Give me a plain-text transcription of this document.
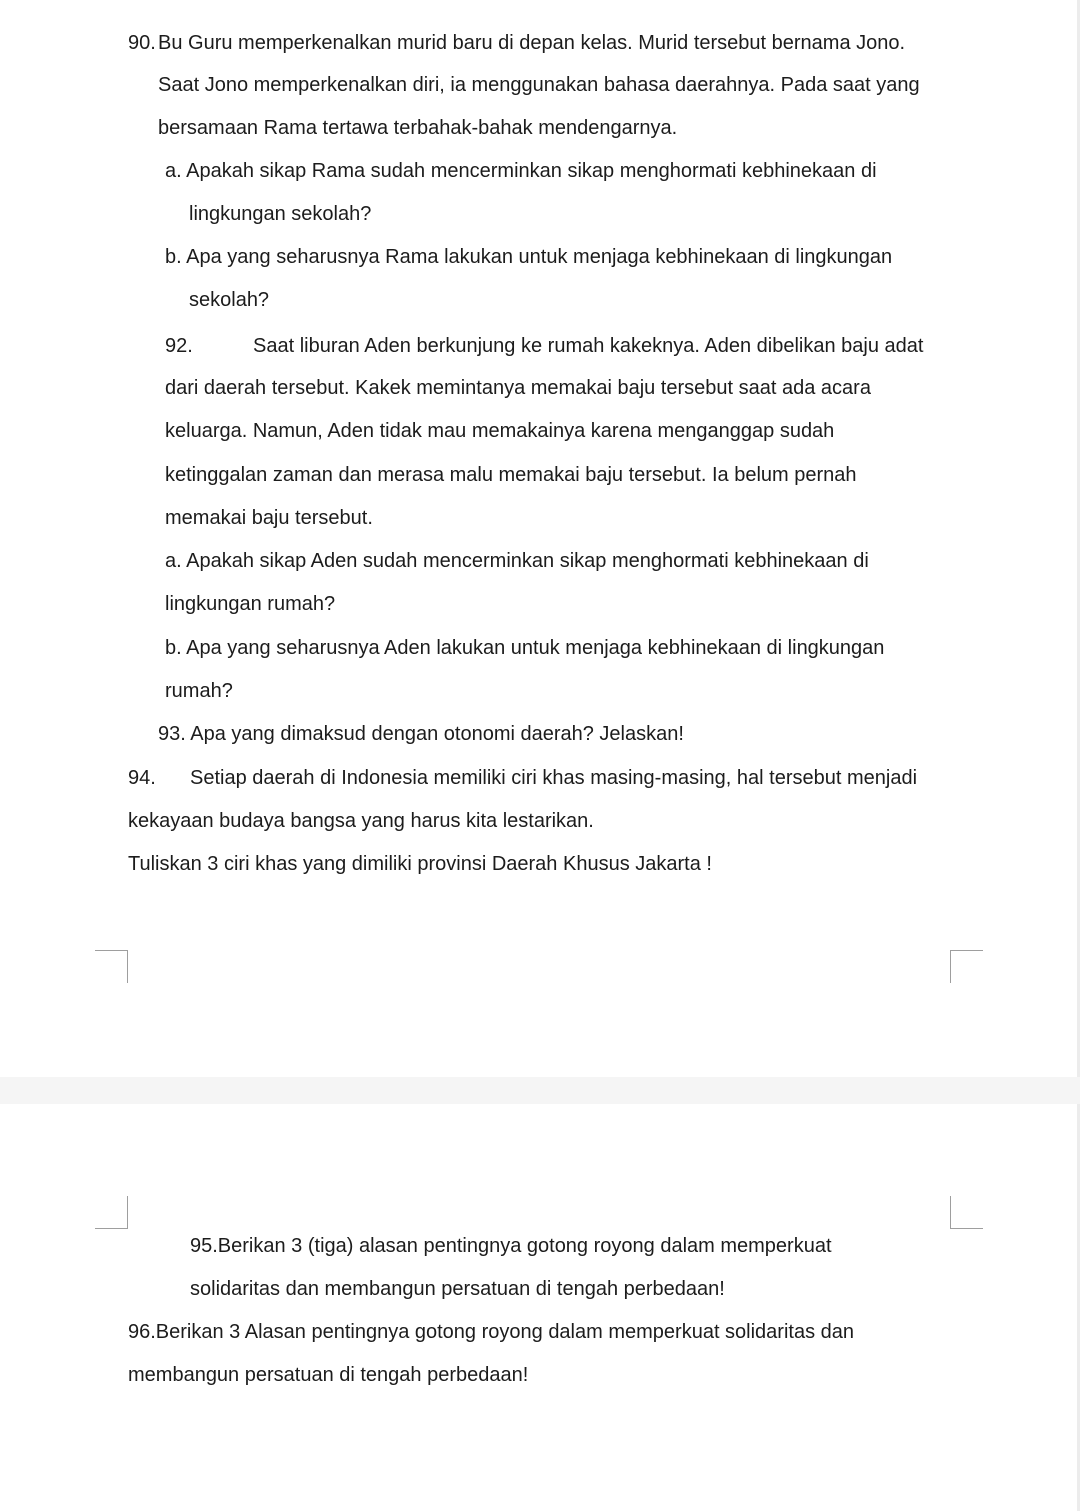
90. Bu Guru memperkenalkan murid baru di depan kelas. Murid tersebut bernama Jono.

Saat Jono memperkenalkan diri, ia menggunakan bahasa daerahnya. Pada saat yang

bersamaan Rama tertawa terbahak-bahak mendengarnya.

a. Apakah sikap Rama sudah mencerminkan sikap menghormati kebhinekaan di

lingkungan sekolah?

b. Apa yang seharusnya Rama lakukan untuk menjaga kebhinekaan di lingkungan

sekolah?

92.	Saat liburan Aden berkunjung ke rumah kakeknya. Aden dibelikan baju adat

dari daerah tersebut. Kakek memintanya memakai baju tersebut saat ada acara

keluarga. Namun, Aden tidak mau memakainya karena menganggap sudah

ketinggalan zaman dan merasa malu memakai baju tersebut. Ia belum pernah

memakai baju tersebut.

a. Apakah sikap Aden sudah mencerminkan sikap menghormati kebhinekaan di

lingkungan rumah?

b. Apa yang seharusnya Aden lakukan untuk menjaga kebhinekaan di lingkungan

rumah?

93. Apa yang dimaksud dengan otonomi daerah? Jelaskan!

94. Setiap daerah di Indonesia memiliki ciri khas masing-masing, hal tersebut menjadi

kekayaan budaya bangsa yang harus kita lestarikan.

Tuliskan 3 ciri khas yang dimiliki provinsi Daerah Khusus Jakarta !

95.Berikan 3 (tiga) alasan pentingnya gotong royong dalam memperkuat

solidaritas dan membangun persatuan di tengah perbedaan!

96.Berikan 3 Alasan pentingnya gotong royong dalam memperkuat solidaritas dan

membangun persatuan di tengah perbedaan!
